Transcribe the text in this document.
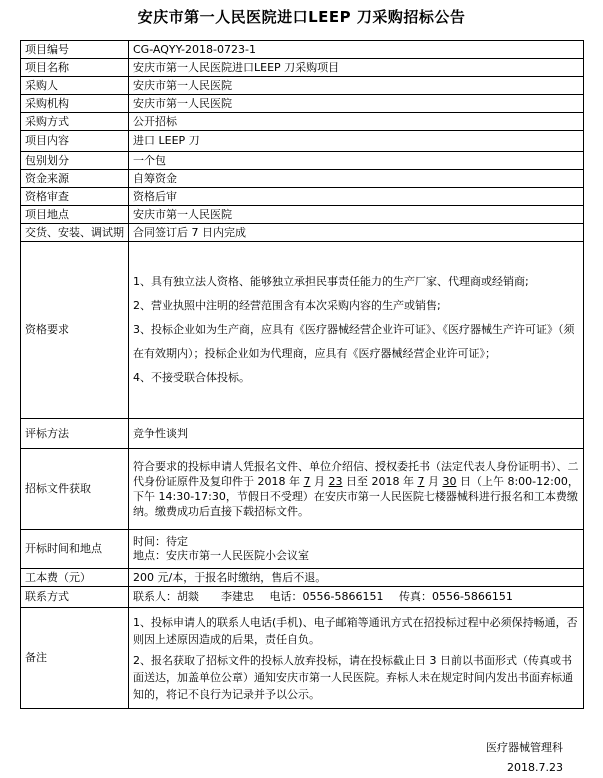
安庆市第一人民医院进口LEEP 刀采购招标公告
项目编号	CG-AQYY-2018-0723-1
项目名称	安庆市第一人民医院进口LEEP 刀采购项目
采购人	安庆市第一人民医院
采购机构	安庆市第一人民医院
采购方式	公开招标
项目内容	进口 LEEP 刀
包别划分	一个包
资金来源	自筹资金
资格审查	资格后审
项目地点	安庆市第一人民医院
交货、安装、调试期	合同签订后 7 日内完成
资格要求	1、具有独立法人资格、能够独立承担民事责任能力的生产厂家、代理商或经销商;

2、营业执照中注明的经营范围含有本次采购内容的生产或销售;

3、投标企业如为生产商，应具有《医疗器械经营企业许可证》、《医疗器械生产许可证》（须在有效期内）；投标企业如为代理商，应具有《医疗器械经营企业许可证》；

4、不接受联合体投标。

评标方法	竞争性谈判
招标文件获取	符合要求的投标申请人凭报名文件、单位介绍信、授权委托书（法定代表人身份证明书）、二代身份证原件及复印件于 2018 年 7 月 23 日至 2018 年 7 月 30 日（上午 8:00-12:00，下午 14:30-17:30，节假日不受理）在安庆市第一人民医院七楼器械科进行报名和工本费缴纳。缴费成功后直接下载招标文件。

开标时间和地点	时间：待定
地点：安庆市第一人民医院小会议室

工本费（元）	200 元/本，于报名时缴纳，售后不退。
联系方式	联系人：胡燚　　李建忠 电话：0556-5866151 传真：0556-5866151
备注	1、投标申请人的联系人电话(手机)、电子邮箱等通讯方式在招投标过程中必须保持畅通，否则因上述原因造成的后果，责任自负。

2、报名获取了招标文件的投标人放弃投标，请在投标截止日 3 日前以书面形式（传真或书面送达，加盖单位公章）通知安庆市第一人民医院。弃标人未在规定时间内发出书面弃标通知的，将记不良行为记录并予以公示。

医疗器械管理科
2018.7.23
